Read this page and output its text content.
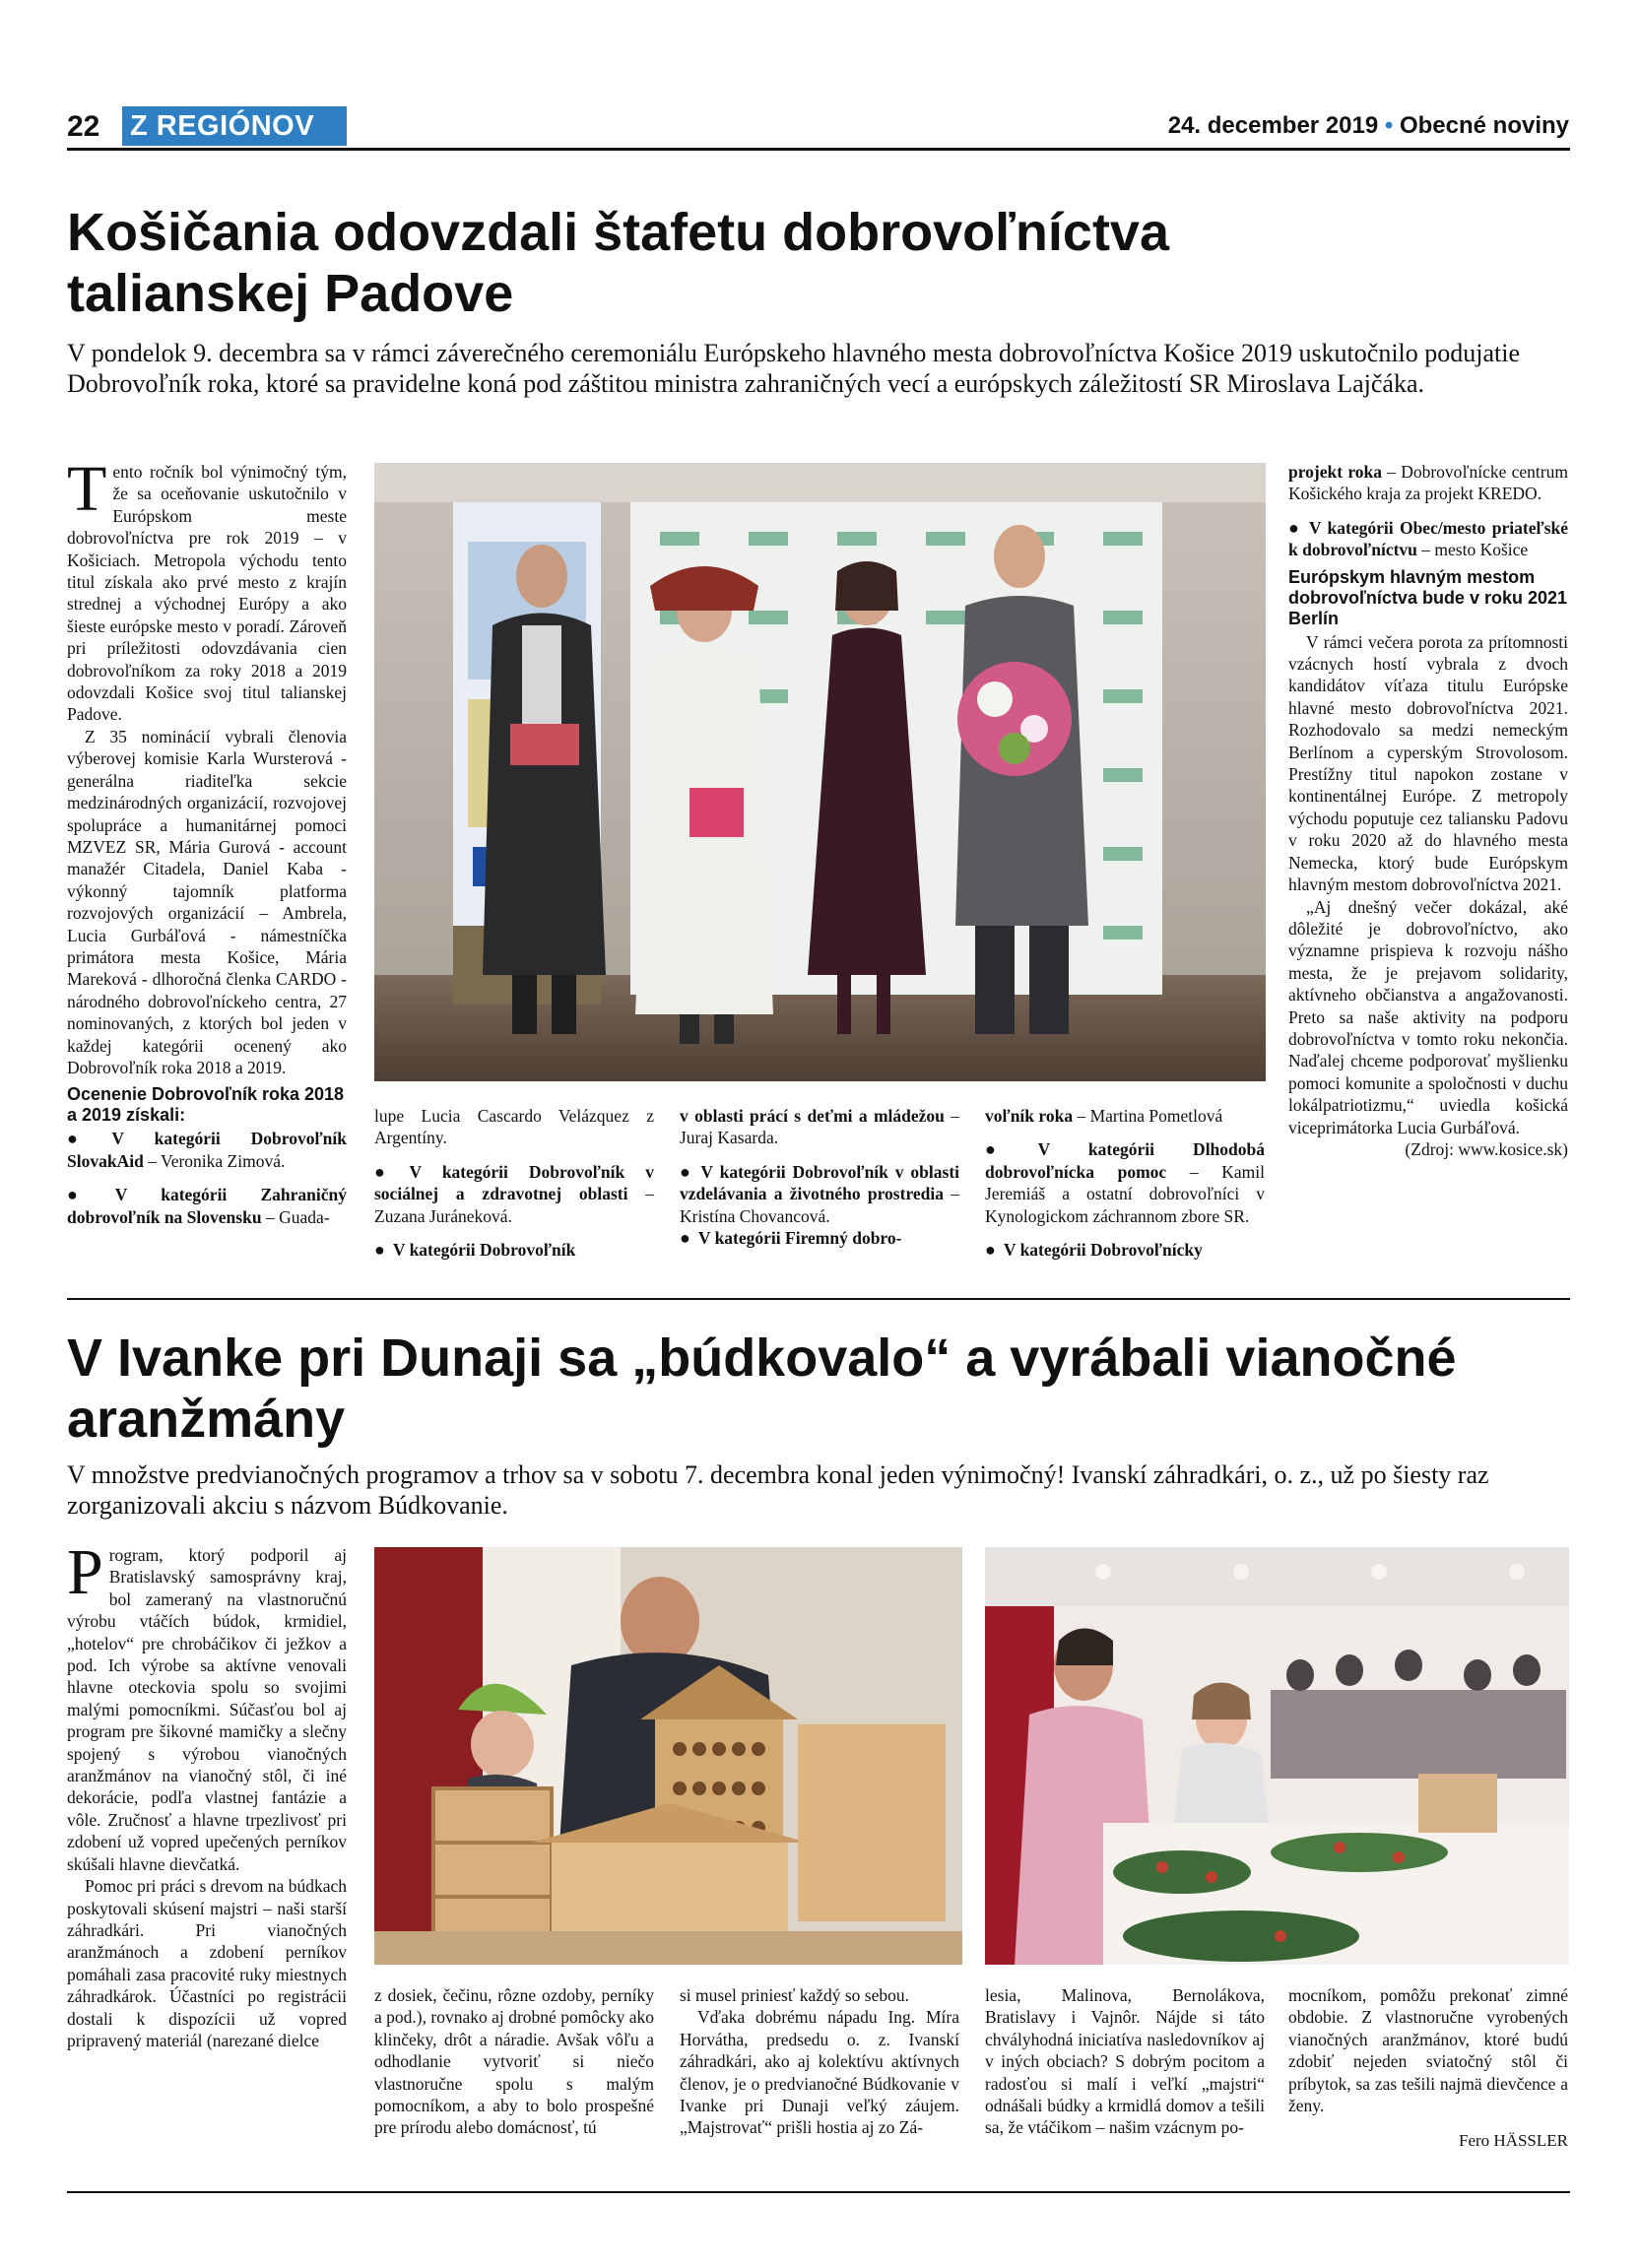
22 Z REGIÓNOV	24. december 2019 • Obecné noviny
Košičania odovzdali štafetu dobrovoľníctva
talianskej Padove
V pondelok 9. decembra sa v rámci záverečného ceremoniálu Európskeho hlavného mesta dobrovoľníctva Košice 2019 uskutočnilo podujatie Dobrovoľník roka, ktoré sa pravidelne koná pod záštitou ministra zahraničných vecí a európskych záležitostí SR Miroslava Lajčáka.

Tento ročník bol výnimočný tým, že sa oceňovanie uskutočnilo v Európskom meste dobrovoľníctva pre rok 2019 – v Košiciach. Metropola východu tento titul získala ako prvé mesto z krajín strednej a východnej Európy a ako šieste európske mesto v poradí. Zároveň pri príležitosti odovzdávania cien dobrovoľníkom za roky 2018 a 2019 odovzdali Košice svoj titul talianskej Padove.

Z 35 nominácií vybrali členovia výberovej komisie Karla Wursterová - generálna riaditeľka sekcie medzinárodných organizácií, rozvojovej spolupráce a humanitárnej pomoci MZVEZ SR, Mária Gurová - account manažér Citadela, Daniel Kaba - výkonný tajomník platforma rozvojových organizácií – Ambrela, Lucia Gurbáľová - námestníčka primátora mesta Košice, Mária Mareková - dlhoročná členka CARDO - národného dobrovoľníckeho centra, 27 nominovaných, z ktorých bol jeden v každej kategórii ocenený ako Dobrovoľník roka 2018 a 2019.

Ocenenie Dobrovoľník roka 2018 a 2019 získali:

● V kategórii Dobrovoľník SlovakAid – Veronika Zimová.

● V kategórii Zahraničný dobrovoľník na Slovensku – Guada-

lupe Lucia Cascardo Velázquez z Argentíny.

● V kategórii Dobrovoľník v sociálnej a zdravotnej oblasti – Zuzana Juráneková.

● V kategórii Dobrovoľník

v oblasti prácí s deťmi a mládežou – Juraj Kasarda.

● V kategórii Dobrovoľník v oblasti vzdelávania a životného prostredia – Kristína Chovancová.

● V kategórii Firemný dobro-

voľník roka – Martina Pometlová

● V kategórii Dlhodobá dobrovoľnícka pomoc – Kamil Jeremiáš a ostatní dobrovoľníci v Kynologickom záchrannom zbore SR.

● V kategórii Dobrovoľnícky

projekt roka – Dobrovoľnícke centrum Košického kraja za projekt KREDO.

● V kategórii Obec/mesto priateľské k dobrovoľníctvu – mesto Košice

Európskym hlavným mestom dobrovoľníctva bude v roku 2021 Berlín

V rámci večera porota za prítomnosti vzácnych hostí vybrala z dvoch kandidátov víťaza titulu Európske hlavné mesto dobrovoľníctva 2021. Rozhodovalo sa medzi nemeckým Berlínom a cyperským Strovolosom. Prestížny titul napokon zostane v kontinentálnej Európe. Z metropoly východu poputuje cez taliansku Padovu v roku 2020 až do hlavného mesta Nemecka, ktorý bude Európskym hlavným mestom dobrovoľníctva 2021.

„Aj dnešný večer dokázal, aké dôležité je dobrovoľníctvo, ako významne prispieva k rozvoju nášho mesta, že je prejavom solidarity, aktívneho občianstva a angažovanosti. Preto sa naše aktivity na podporu dobrovoľníctva v tomto roku nekončia. Naďalej chceme podporovať myšlienku pomoci komunite a spoločnosti v duchu lokálpatriotizmu,“ uviedla košická viceprimátorka Lucia Gurbáľová.

(Zdroj: www.kosice.sk)

V Ivanke pri Dunaji sa „búdkovalo“ a vyrábali vianočné
aranžmány
V množstve predvianočných programov a trhov sa v sobotu 7. decembra konal jeden výnimočný! Ivanskí záhradkári, o. z., už po šiesty raz zorganizovali akciu s názvom Búdkovanie.

Program, ktorý podporil aj Bratislavský samosprávny kraj, bol zameraný na vlastnoručnú výrobu vtáčích búdok, krmidiel, „hotelov“ pre chrobáčikov či ježkov a pod. Ich výrobe sa aktívne venovali hlavne oteckovia spolu so svojimi malými pomocníkmi. Súčasťou bol aj program pre šikovné mamičky a slečny spojený s výrobou vianočných aranžmánov na vianočný stôl, či iné dekorácie, podľa vlastnej fantázie a vôle. Zručnosť a hlavne trpezlivosť pri zdobení už vopred upečených perníkov skúšali hlavne dievčatká.

Pomoc pri práci s drevom na búdkach poskytovali skúsení majstri – naši starší záhradkári. Pri vianočných aranžmánoch a zdobení perníkov pomáhali zasa pracovité ruky miestnych záhradkárok. Účastníci po registrácii dostali k dispozícii už vopred pripravený materiál (narezané dielce

z dosiek, čečinu, rôzne ozdoby, perníky a pod.), rovnako aj drobné pomôcky ako klinčeky, drôt a náradie. Avšak vôľu a odhodlanie vytvoriť si niečo vlastnoručne spolu s malým pomocníkom, a aby to bolo prospešné pre prírodu alebo domácnosť, tú

si musel priniesť každý so sebou.

Vďaka dobrému nápadu Ing. Míra Horvátha, predsedu o. z. Ivanskí záhradkári, ako aj kolektívu aktívnych členov, je o predvianočné Búdkovanie v Ivanke pri Dunaji veľký záujem. „Majstrovať“ prišli hostia aj zo Zá-

lesia, Malinova, Bernolákova, Bratislavy i Vajnôr. Nájde si táto chvályhodná iniciatíva nasledovníkov aj v iných obciach? S dobrým pocitom a radosťou si malí i veľkí „majstri“ odnášali búdky a krmidlá domov a tešili sa, že vtáčikom – našim vzácnym po-

mocníkom, pomôžu prekonať zimné obdobie. Z vlastnoručne vyrobených vianočných aranžmánov, ktoré budú zdobiť nejeden sviatočný stôl či príbytok, sa zas tešili najmä dievčence a ženy.

Fero HÄSSLER
